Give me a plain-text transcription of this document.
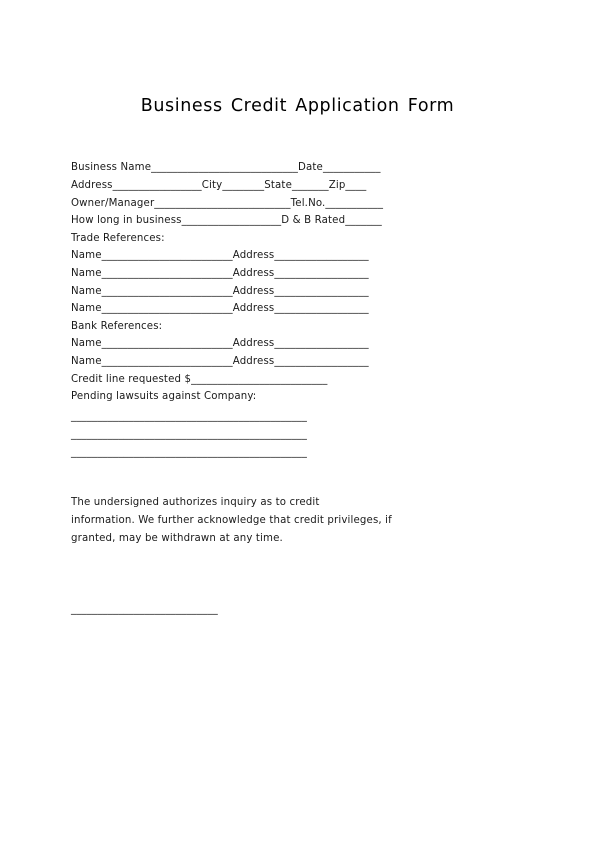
Business Credit Application Form
Business Name____________________________Date___________
Address_________________City________State_______Zip____
Owner/Manager__________________________Tel.No.___________
How long in business___________________D & B Rated_______
Trade References:
Name_________________________Address__________________
Name_________________________Address__________________
Name_________________________Address__________________
Name_________________________Address__________________
Bank References:
Name_________________________Address__________________
Name_________________________Address__________________
Credit line requested $__________________________
Pending lawsuits against Company:
_____________________________________________
_____________________________________________
_____________________________________________
The undersigned authorizes inquiry as to credit
information. We further acknowledge that credit privileges, if
granted, may be withdrawn at any time.
____________________________
